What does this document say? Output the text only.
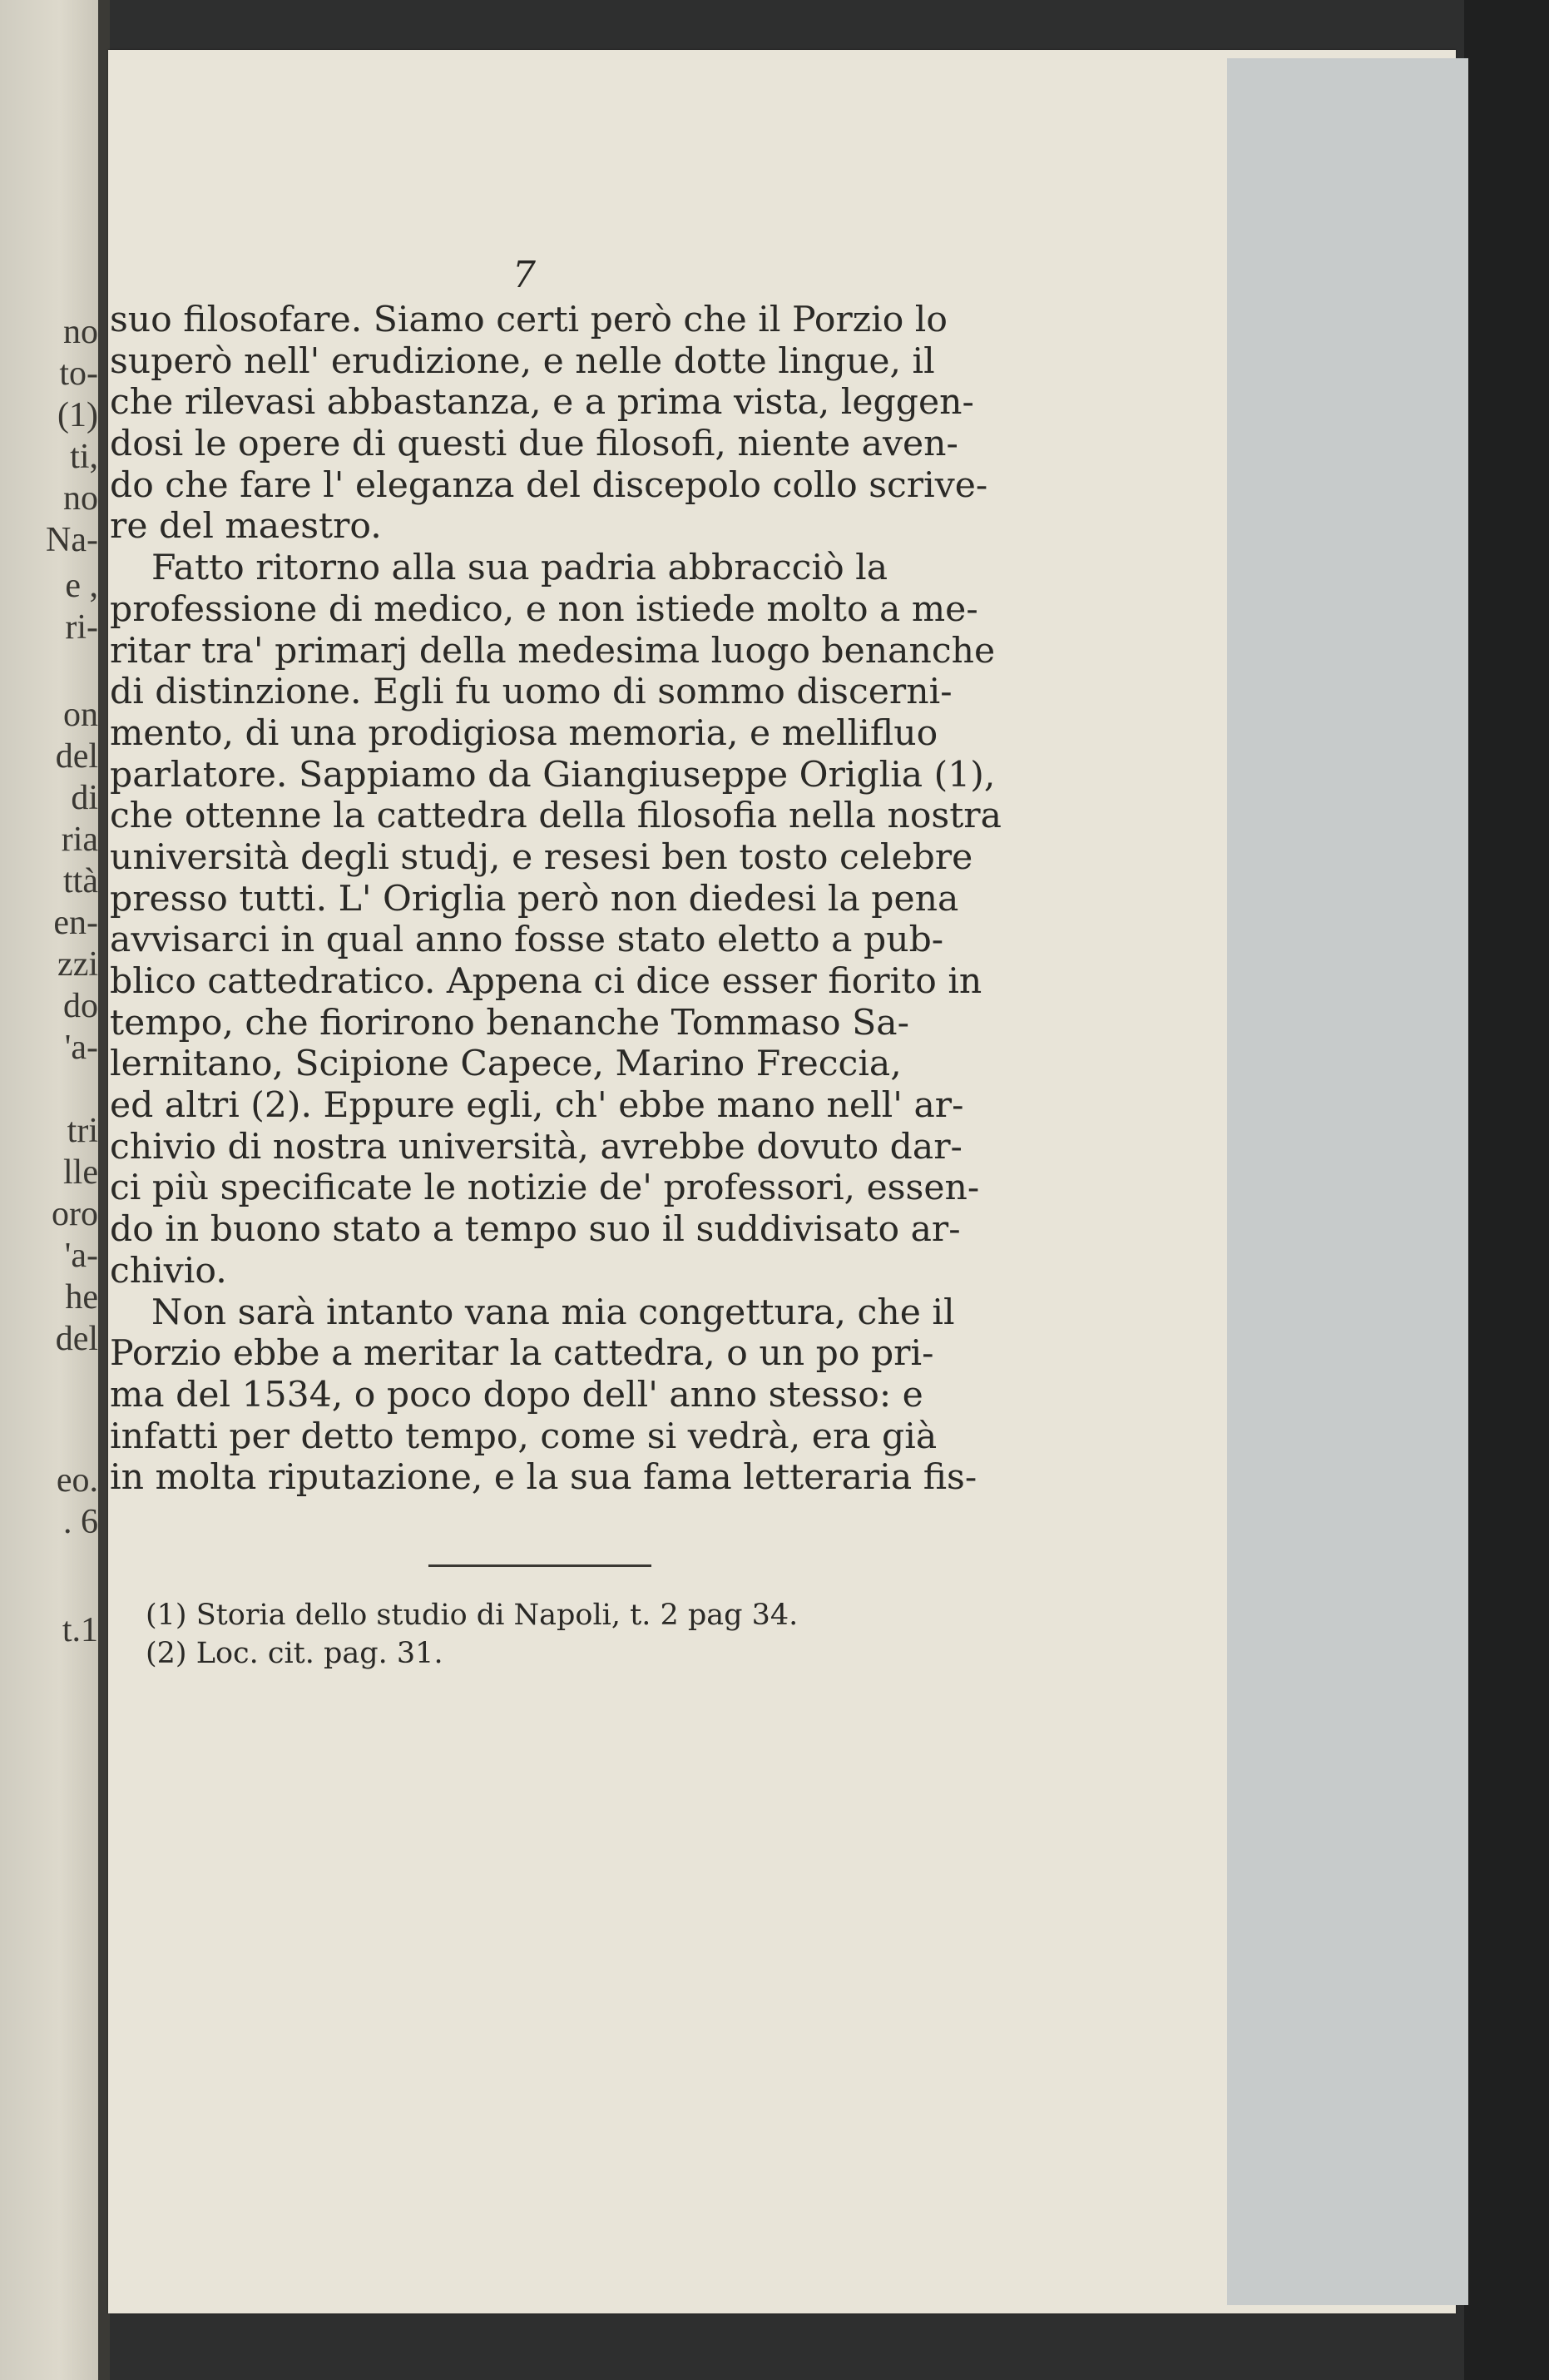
no
to-
(1)
ti,
no
Na-
e ,
ri-
on
del
di
ria
ttà
en-
zzi
do
'a-
tri
lle
oro
'a-
he
del
eo.
. 6
t.1
7
suo filosofare. Siamo certi però che il Porzio lo
superò nell' erudizione, e nelle dotte lingue, il
che rilevasi abbastanza, e a prima vista, leggen-
dosi le opere di questi due filosofi, niente aven-
do che fare l' eleganza del discepolo collo scrive-
re del maestro.
Fatto ritorno alla sua padria abbracciò la
professione di medico, e non istiede molto a me-
ritar tra' primarj della medesima luogo benanche
di distinzione. Egli fu uomo di sommo discerni-
mento, di una prodigiosa memoria, e mellifluo
parlatore. Sappiamo da Giangiuseppe Origlia (1),
che ottenne la cattedra della filosofia nella nostra
università degli studj, e resesi ben tosto celebre
presso tutti. L' Origlia però non diedesi la pena
avvisarci in qual anno fosse stato eletto a pub-
blico cattedratico. Appena ci dice esser fiorito in
tempo, che fiorirono benanche Tommaso Sa-
lernitano, Scipione Capece, Marino Freccia,
ed altri (2). Eppure egli, ch' ebbe mano nell' ar-
chivio di nostra università, avrebbe dovuto dar-
ci più specificate le notizie de' professori, essen-
do in buono stato a tempo suo il suddivisato ar-
chivio.
Non sarà intanto vana mia congettura, che il
Porzio ebbe a meritar la cattedra, o un po pri-
ma del 1534, o poco dopo dell' anno stesso: e
infatti per detto tempo, come si vedrà, era già
in molta riputazione, e la sua fama letteraria fis-
(1) Storia dello studio di Napoli, t. 2 pag 34.
(2) Loc. cit. pag. 31.
